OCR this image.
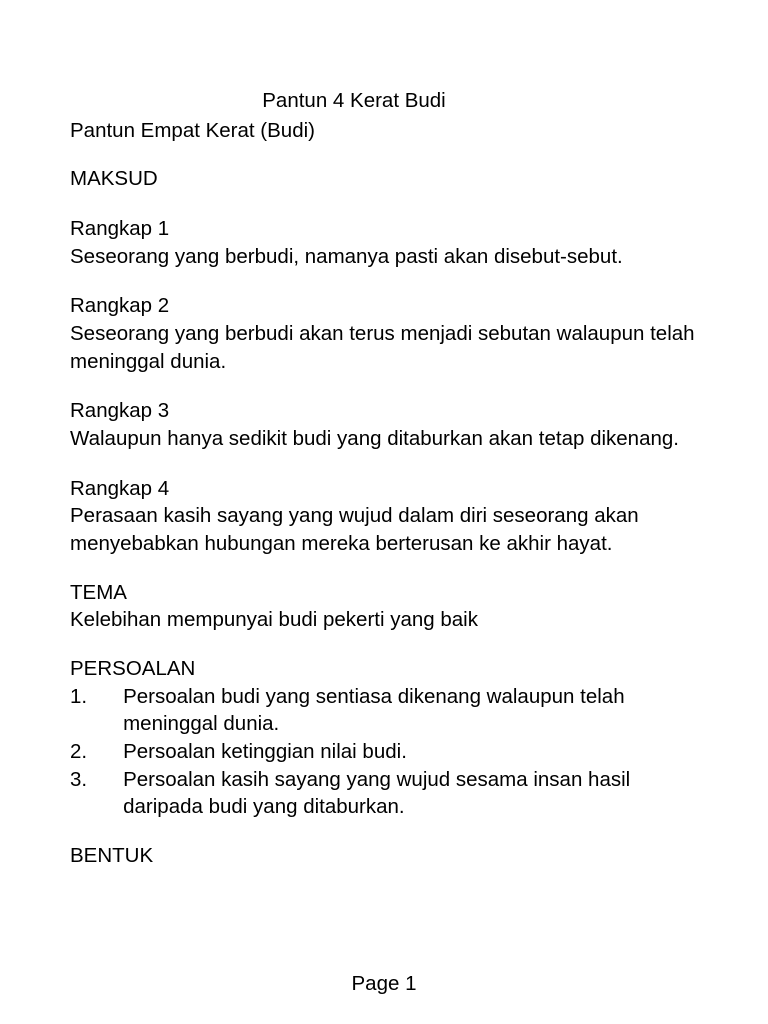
Pantun 4 Kerat Budi
Pantun Empat Kerat (Budi)
MAKSUD
Rangkap 1
Seseorang yang berbudi, namanya pasti akan disebut-sebut.
Rangkap 2
Seseorang yang berbudi akan terus menjadi sebutan walaupun telah meninggal dunia.
Rangkap 3
Walaupun hanya sedikit budi yang ditaburkan akan tetap dikenang.
Rangkap 4
Perasaan kasih sayang yang wujud dalam diri seseorang akan menyebabkan hubungan mereka berterusan ke akhir hayat.
TEMA
Kelebihan mempunyai budi pekerti yang baik
PERSOALAN
1. Persoalan budi yang sentiasa dikenang walaupun telah meninggal dunia.
2. Persoalan ketinggian nilai budi.
3. Persoalan kasih sayang yang wujud sesama insan hasil daripada budi yang ditaburkan.
BENTUK
Page 1
